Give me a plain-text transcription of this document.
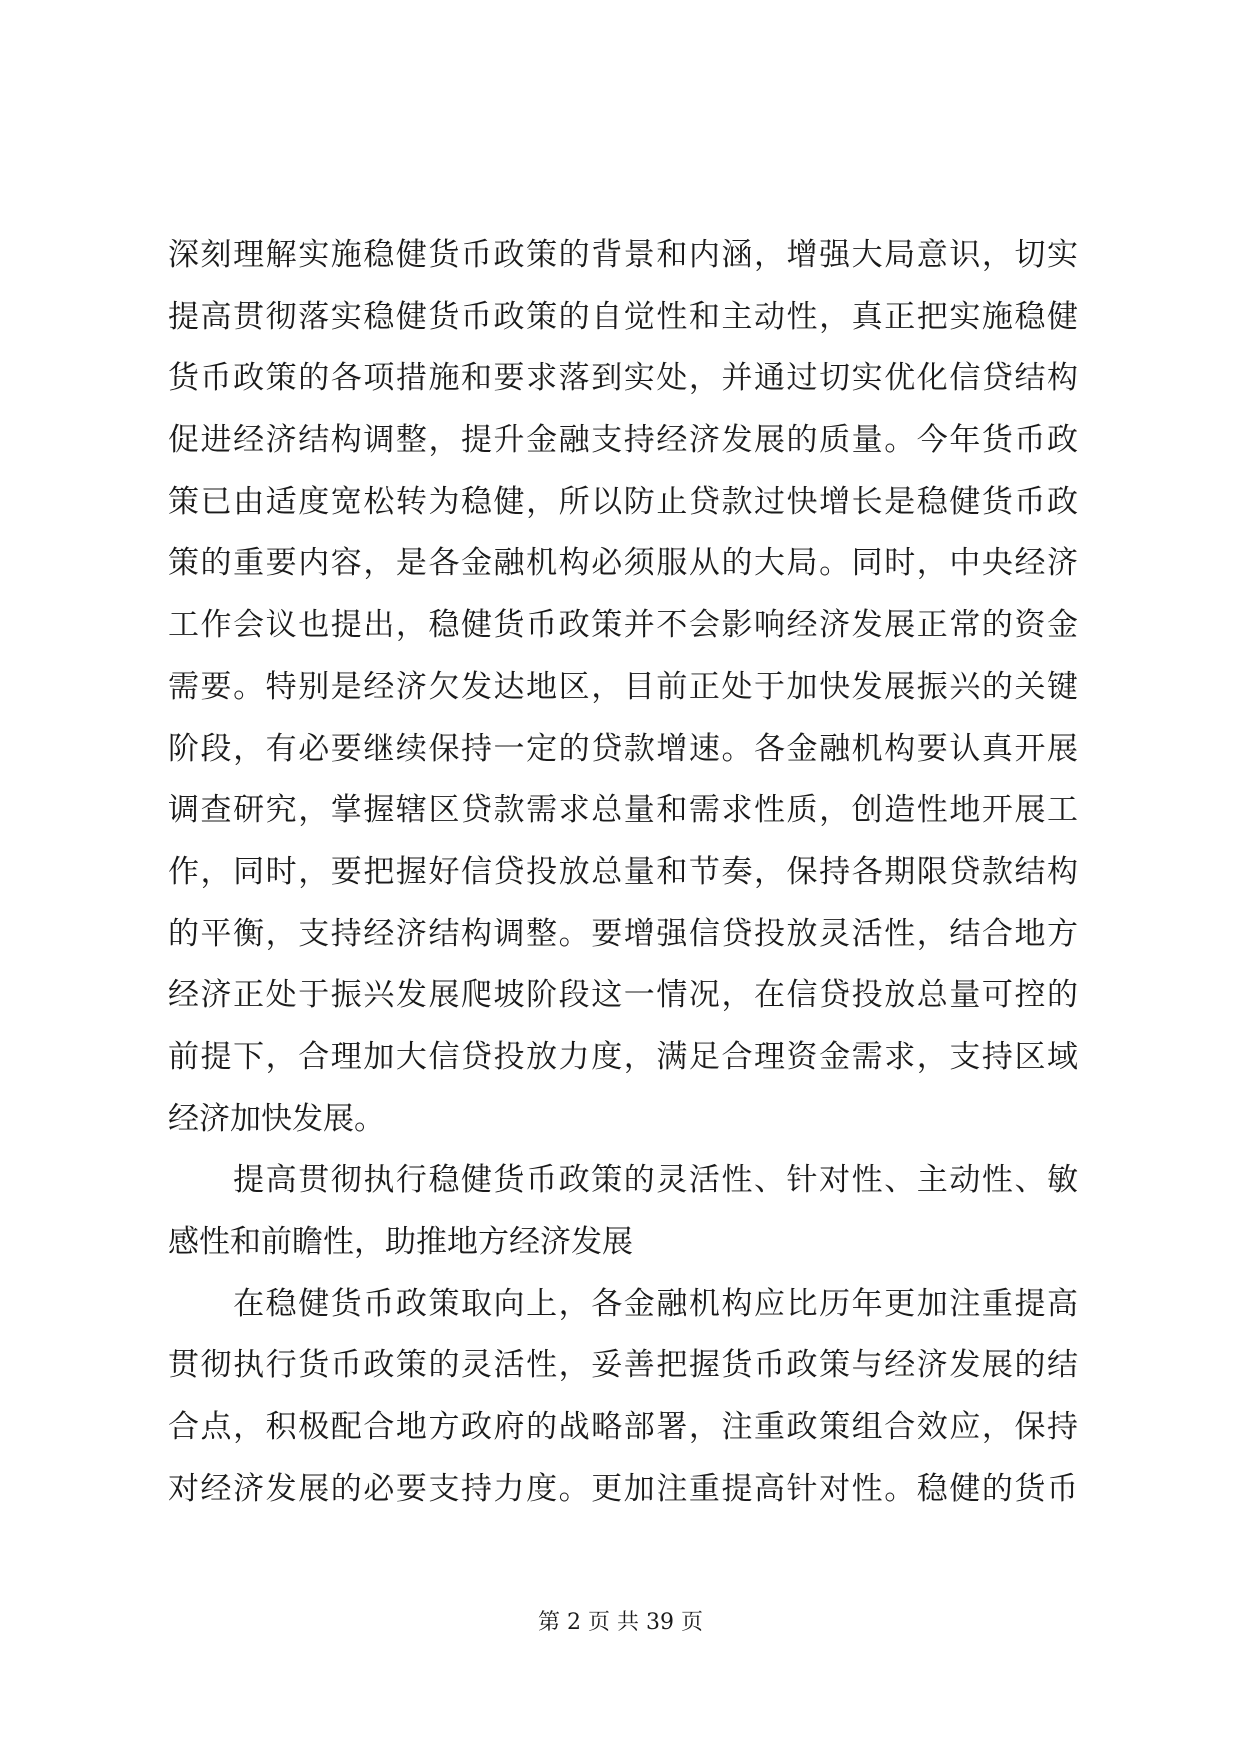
深刻理解实施稳健货币政策的背景和内涵，增强大局意识，切实
提高贯彻落实稳健货币政策的自觉性和主动性，真正把实施稳健
货币政策的各项措施和要求落到实处，并通过切实优化信贷结构
促进经济结构调整，提升金融支持经济发展的质量。今年货币政
策已由适度宽松转为稳健，所以防止贷款过快增长是稳健货币政
策的重要内容，是各金融机构必须服从的大局。同时，中央经济
工作会议也提出，稳健货币政策并不会影响经济发展正常的资金
需要。特别是经济欠发达地区，目前正处于加快发展振兴的关键
阶段，有必要继续保持一定的贷款增速。各金融机构要认真开展
调查研究，掌握辖区贷款需求总量和需求性质，创造性地开展工
作，同时，要把握好信贷投放总量和节奏，保持各期限贷款结构
的平衡，支持经济结构调整。要增强信贷投放灵活性，结合地方
经济正处于振兴发展爬坡阶段这一情况，在信贷投放总量可控的
前提下，合理加大信贷投放力度，满足合理资金需求，支持区域
经济加快发展。
　　提高贯彻执行稳健货币政策的灵活性、针对性、主动性、敏
感性和前瞻性，助推地方经济发展
　　在稳健货币政策取向上，各金融机构应比历年更加注重提高
贯彻执行货币政策的灵活性，妥善把握货币政策与经济发展的结
合点，积极配合地方政府的战略部署，注重政策组合效应，保持
对经济发展的必要支持力度。更加注重提高针对性。稳健的货币
第 2 页 共 39 页
